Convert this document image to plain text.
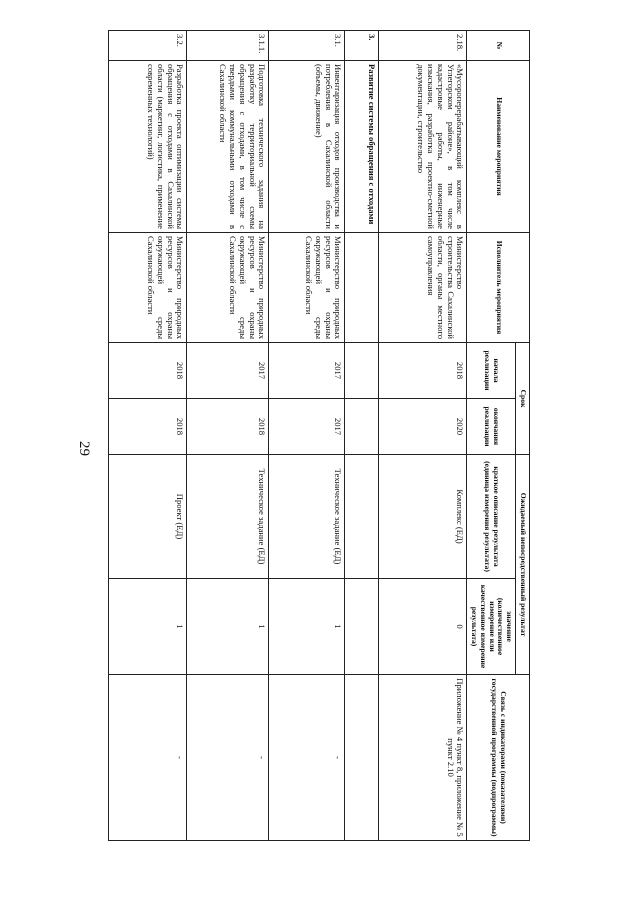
29
№	Наименование мероприятия	Исполнитель мероприятия	Срок		Ожидаемый непосредственный результат		Связь с индикаторами (показателями) государственной программы (подпрограммы)
			начала реализации	окончания реализации	краткое описание результата (единица измерения результата)	значение (количественное измерение или качественное измерение результата)	
2.18.	«Мусороперерабатывающий комплекс в Углегорском районе», в том числе кадастровые работы, инженерные изыскания, разработка проектно-сметной документации, строительство	Министерство строительства Сахалинской области, органы местного самоуправления	2018	2020	Комплекс (ЕД)	0	Приложение № 4 пункт 8, приложение № 5 пункт 2.10
3.	Развитие системы обращения с отходами						
3.1.	Инвентаризация отходов производства и потребления в Сахалинской области (объемы, движение)	Министерство природных ресурсов и охраны окружающей среды Сахалинской области	2017	2017	Техническое задание (ЕД)	1	-
3.1.1.	Подготовка технического задания на разработку территориальной схемы обращения с отходами, в том числе с твердыми коммунальными отходами в Сахалинской области	Министерство природных ресурсов и охраны окружающей среды Сахалинской области	2017	2018	Техническое задание (ЕД)	1	-
3.2.	Разработка проекта оптимизации системы обращения с отходами в Сахалинской области (маркетинг, логистика, применение современных технологий)	Министерство природных ресурсов и охраны окружающей среды Сахалинской области	2018	2018	Проект (ЕД)	1	-
